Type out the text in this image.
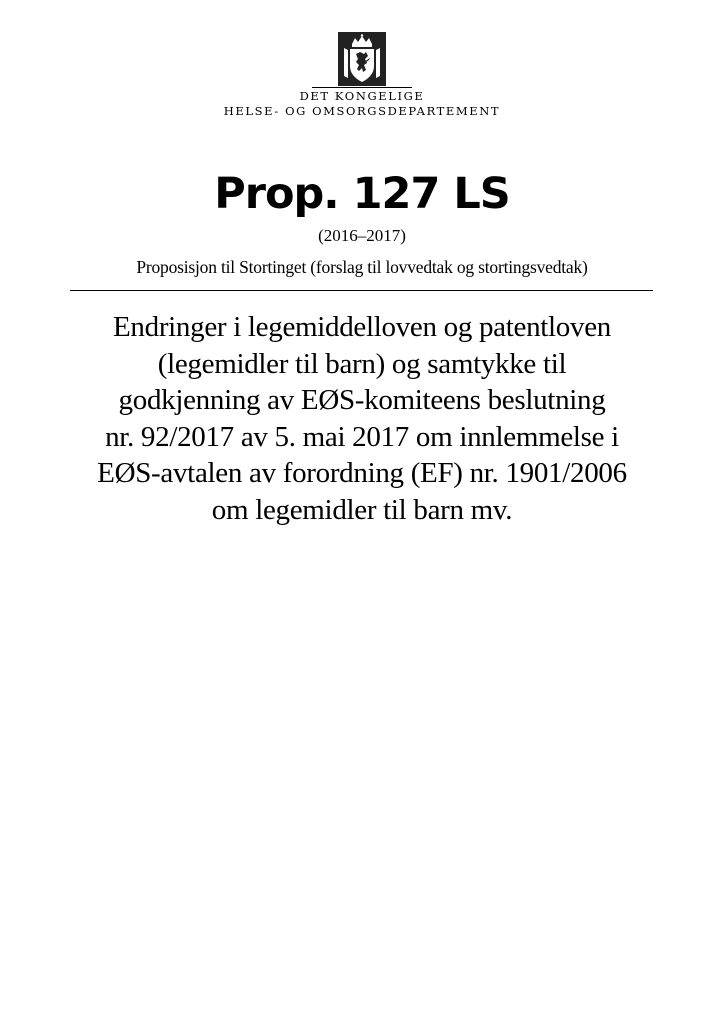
DET KONGELIGE
HELSE- OG OMSORGSDEPARTEMENT
Prop. 127 LS
(2016–2017)
Proposisjon til Stortinget (forslag til lovvedtak og stortingsvedtak)
Endringer i legemiddelloven og patentloven
(legemidler til barn) og samtykke til
godkjenning av EØS-komiteens beslutning
nr. 92/2017 av 5. mai 2017 om innlemmelse i
EØS-avtalen av forordning (EF) nr. 1901/2006
om legemidler til barn mv.
